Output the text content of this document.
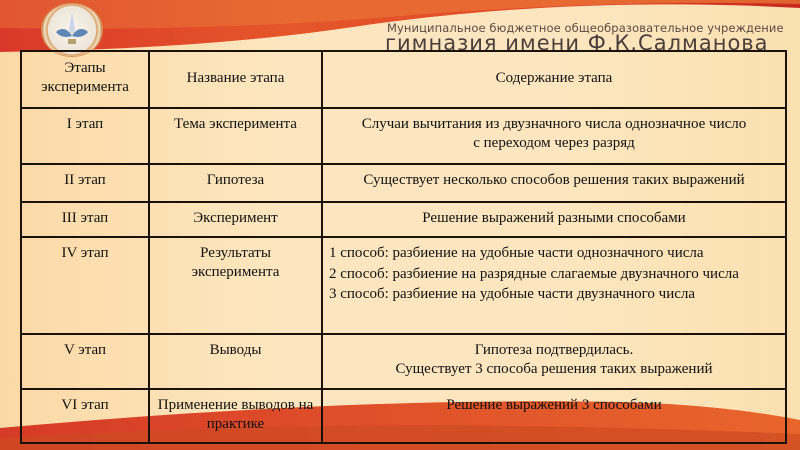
Муниципальное бюджетное общеобразовательное учреждение
гимназия имени Ф.К.Салманова
Этапы эксперимента	Название этапа	Содержание этапа

I этап	Тема эксперимента	Случаи вычитания из двузначного числа однозначное число
с переходом через разряд

II этап	Гипотеза	Существует несколько способов решения таких выражений

III этап	Эксперимент	Решение выражений разными способами

IV этап	Результаты эксперимента	1 способ: разбиение на удобные части однозначного числа
2 способ: разбиение на разрядные слагаемые двузначного числа
3 способ: разбиение на удобные части двузначного числа

V этап	Выводы	Гипотеза подтвердилась.
Существует 3 способа решения таких выражений

VI этап	Применение выводов на практике	Решение выражений 3 способами
